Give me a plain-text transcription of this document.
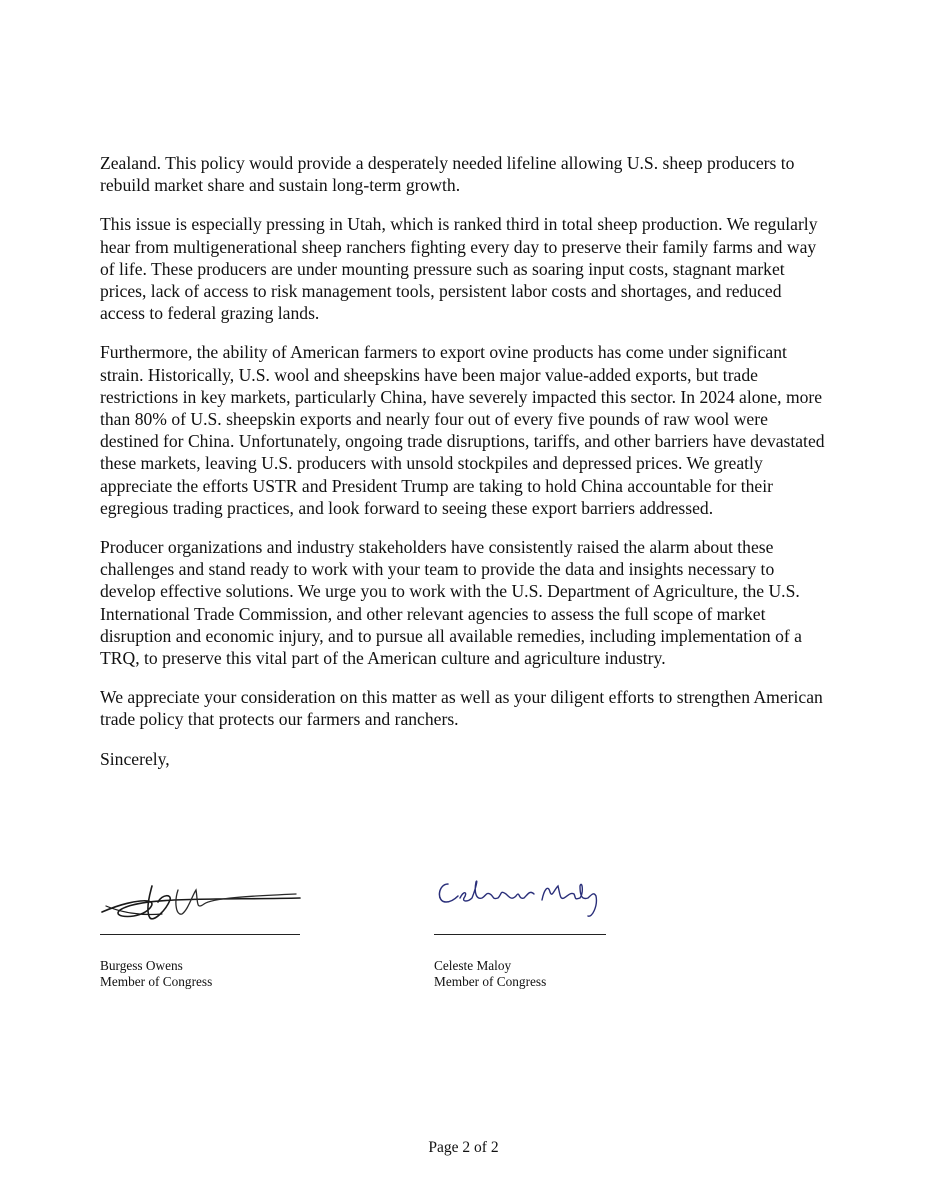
Zealand. This policy would provide a desperately needed lifeline allowing U.S. sheep producers to rebuild market share and sustain long-term growth.

This issue is especially pressing in Utah, which is ranked third in total sheep production. We regularly hear from multigenerational sheep ranchers fighting every day to preserve their family farms and way of life. These producers are under mounting pressure such as soaring input costs, stagnant market prices, lack of access to risk management tools, persistent labor costs and shortages, and reduced access to federal grazing lands.

Furthermore, the ability of American farmers to export ovine products has come under significant strain. Historically, U.S. wool and sheepskins have been major value-added exports, but trade restrictions in key markets, particularly China, have severely impacted this sector. In 2024 alone, more than 80% of U.S. sheepskin exports and nearly four out of every five pounds of raw wool were destined for China. Unfortunately, ongoing trade disruptions, tariffs, and other barriers have devastated these markets, leaving U.S. producers with unsold stockpiles and depressed prices. We greatly appreciate the efforts USTR and President Trump are taking to hold China accountable for their egregious trading practices, and look forward to seeing these export barriers addressed.

Producer organizations and industry stakeholders have consistently raised the alarm about these challenges and stand ready to work with your team to provide the data and insights necessary to develop effective solutions. We urge you to work with the U.S. Department of Agriculture, the U.S. International Trade Commission, and other relevant agencies to assess the full scope of market disruption and economic injury, and to pursue all available remedies, including implementation of a TRQ, to preserve this vital part of the American culture and agriculture industry.

We appreciate your consideration on this matter as well as your diligent efforts to strengthen American trade policy that protects our farmers and ranchers.

Sincerely,

Burgess Owens
Member of Congress
Celeste Maloy
Member of Congress
Page 2 of 2
